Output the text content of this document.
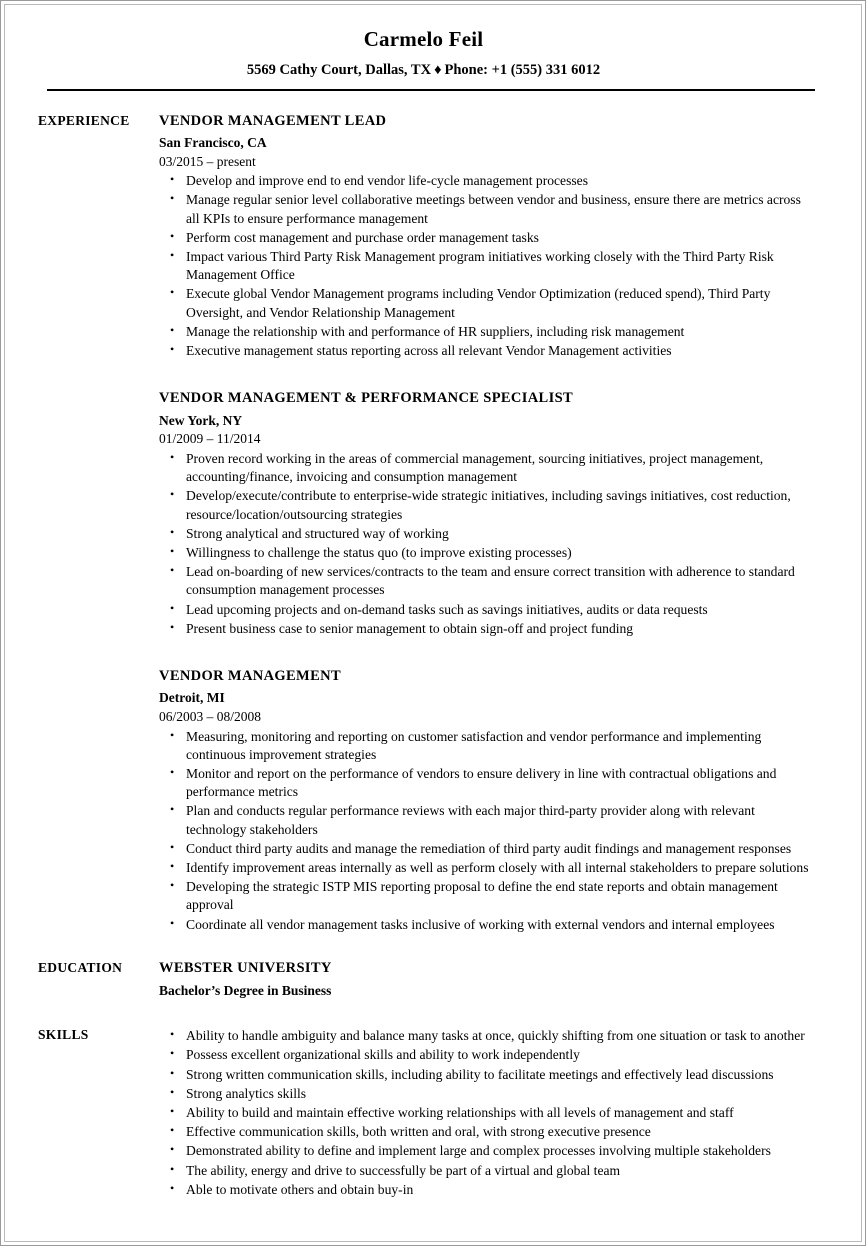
Carmelo Feil
5569 Cathy Court, Dallas, TX ♦ Phone: +1 (555) 331 6012
EXPERIENCE	VENDOR MANAGEMENT LEAD
San Francisco, CA
03/2015 – present
• Develop and improve end to end vendor life-cycle management processes
• Manage regular senior level collaborative meetings between vendor and business, ensure there are metrics across all KPIs to ensure performance management
• Perform cost management and purchase order management tasks
• Impact various Third Party Risk Management program initiatives working closely with the Third Party Risk Management Office
• Execute global Vendor Management programs including Vendor Optimization (reduced spend), Third Party Oversight, and Vendor Relationship Management
• Manage the relationship with and performance of HR suppliers, including risk management
• Executive management status reporting across all relevant Vendor Management activities
VENDOR MANAGEMENT & PERFORMANCE SPECIALIST
New York, NY
01/2009 – 11/2014
• Proven record working in the areas of commercial management, sourcing initiatives, project management, accounting/finance, invoicing and consumption management
• Develop/execute/contribute to enterprise-wide strategic initiatives, including savings initiatives, cost reduction, resource/location/outsourcing strategies
• Strong analytical and structured way of working
• Willingness to challenge the status quo (to improve existing processes)
• Lead on-boarding of new services/contracts to the team and ensure correct transition with adherence to standard consumption management processes
• Lead upcoming projects and on-demand tasks such as savings initiatives, audits or data requests
• Present business case to senior management to obtain sign-off and project funding
VENDOR MANAGEMENT
Detroit, MI
06/2003 – 08/2008
• Measuring, monitoring and reporting on customer satisfaction and vendor performance and implementing continuous improvement strategies
• Monitor and report on the performance of vendors to ensure delivery in line with contractual obligations and performance metrics
• Plan and conducts regular performance reviews with each major third-party provider along with relevant technology stakeholders
• Conduct third party audits and manage the remediation of third party audit findings and management responses
• Identify improvement areas internally as well as perform closely with all internal stakeholders to prepare solutions
• Developing the strategic ISTP MIS reporting proposal to define the end state reports and obtain management approval
• Coordinate all vendor management tasks inclusive of working with external vendors and internal employees
EDUCATION	WEBSTER UNIVERSITY
Bachelor’s Degree in Business
SKILLS	• Ability to handle ambiguity and balance many tasks at once, quickly shifting from one situation or task to another
• Possess excellent organizational skills and ability to work independently
• Strong written communication skills, including ability to facilitate meetings and effectively lead discussions
• Strong analytics skills
• Ability to build and maintain effective working relationships with all levels of management and staff
• Effective communication skills, both written and oral, with strong executive presence
• Demonstrated ability to define and implement large and complex processes involving multiple stakeholders
• The ability, energy and drive to successfully be part of a virtual and global team
• Able to motivate others and obtain buy-in
